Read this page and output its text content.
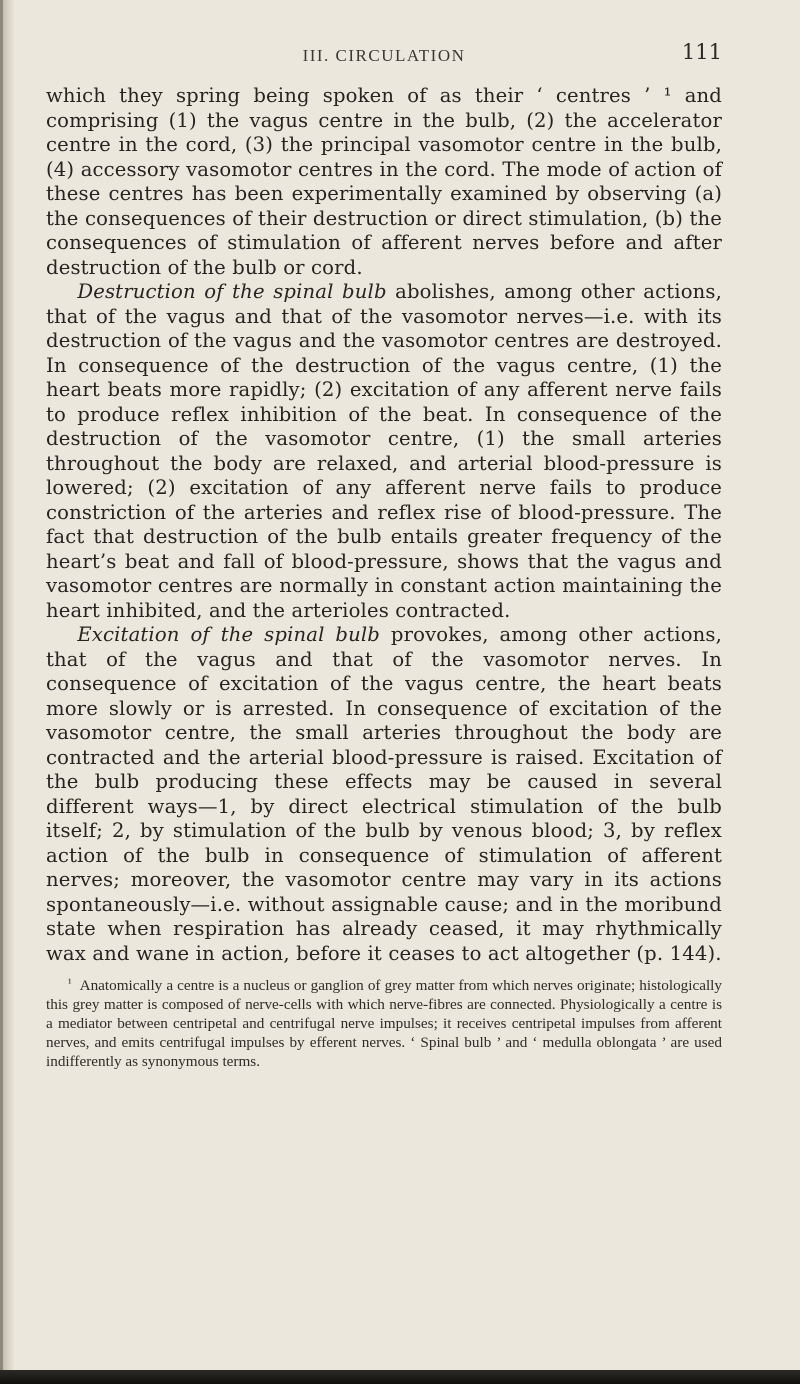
III. CIRCULATION	111

which they spring being spoken of as their ‘ centres ’ ¹ and comprising (1) the vagus centre in the bulb, (2) the accelerator centre in the cord, (3) the principal vasomotor centre in the bulb, (4) accessory vasomotor centres in the cord. The mode of action of these centres has been experimentally examined by observing (a) the consequences of their destruction or direct stimulation, (b) the consequences of stimulation of afferent nerves before and after destruction of the bulb or cord.

Destruction of the spinal bulb abolishes, among other actions, that of the vagus and that of the vasomotor nerves—i.e. with its destruction of the vagus and the vasomotor centres are destroyed. In consequence of the destruction of the vagus centre, (1) the heart beats more rapidly; (2) excitation of any afferent nerve fails to produce reflex inhibition of the beat. In consequence of the destruction of the vasomotor centre, (1) the small arteries throughout the body are relaxed, and arterial blood-pressure is lowered; (2) excitation of any afferent nerve fails to produce constriction of the arteries and reflex rise of blood-pressure. The fact that destruction of the bulb entails greater frequency of the heart’s beat and fall of blood-pressure, shows that the vagus and vasomotor centres are normally in constant action maintaining the heart inhibited, and the arterioles contracted.

Excitation of the spinal bulb provokes, among other actions, that of the vagus and that of the vasomotor nerves. In consequence of excitation of the vagus centre, the heart beats more slowly or is arrested. In consequence of excitation of the vasomotor centre, the small arteries throughout the body are contracted and the arterial blood-pressure is raised. Excitation of the bulb producing these effects may be caused in several different ways—1, by direct electrical stimulation of the bulb itself; 2, by stimulation of the bulb by venous blood; 3, by reflex action of the bulb in consequence of stimulation of afferent nerves; moreover, the vasomotor centre may vary in its actions spontaneously—i.e. without assignable cause; and in the moribund state when respiration has already ceased, it may rhythmically wax and wane in action, before it ceases to act altogether (p. 144).

¹ Anatomically a centre is a nucleus or ganglion of grey matter from which nerves originate; histologically this grey matter is composed of nerve-cells with which nerve-fibres are connected. Physiologically a centre is a mediator between centripetal and centrifugal nerve impulses; it receives centripetal impulses from afferent nerves, and emits centrifugal impulses by efferent nerves. ‘ Spinal bulb ’ and ‘ medulla oblongata ’ are used indifferently as synonymous terms.
